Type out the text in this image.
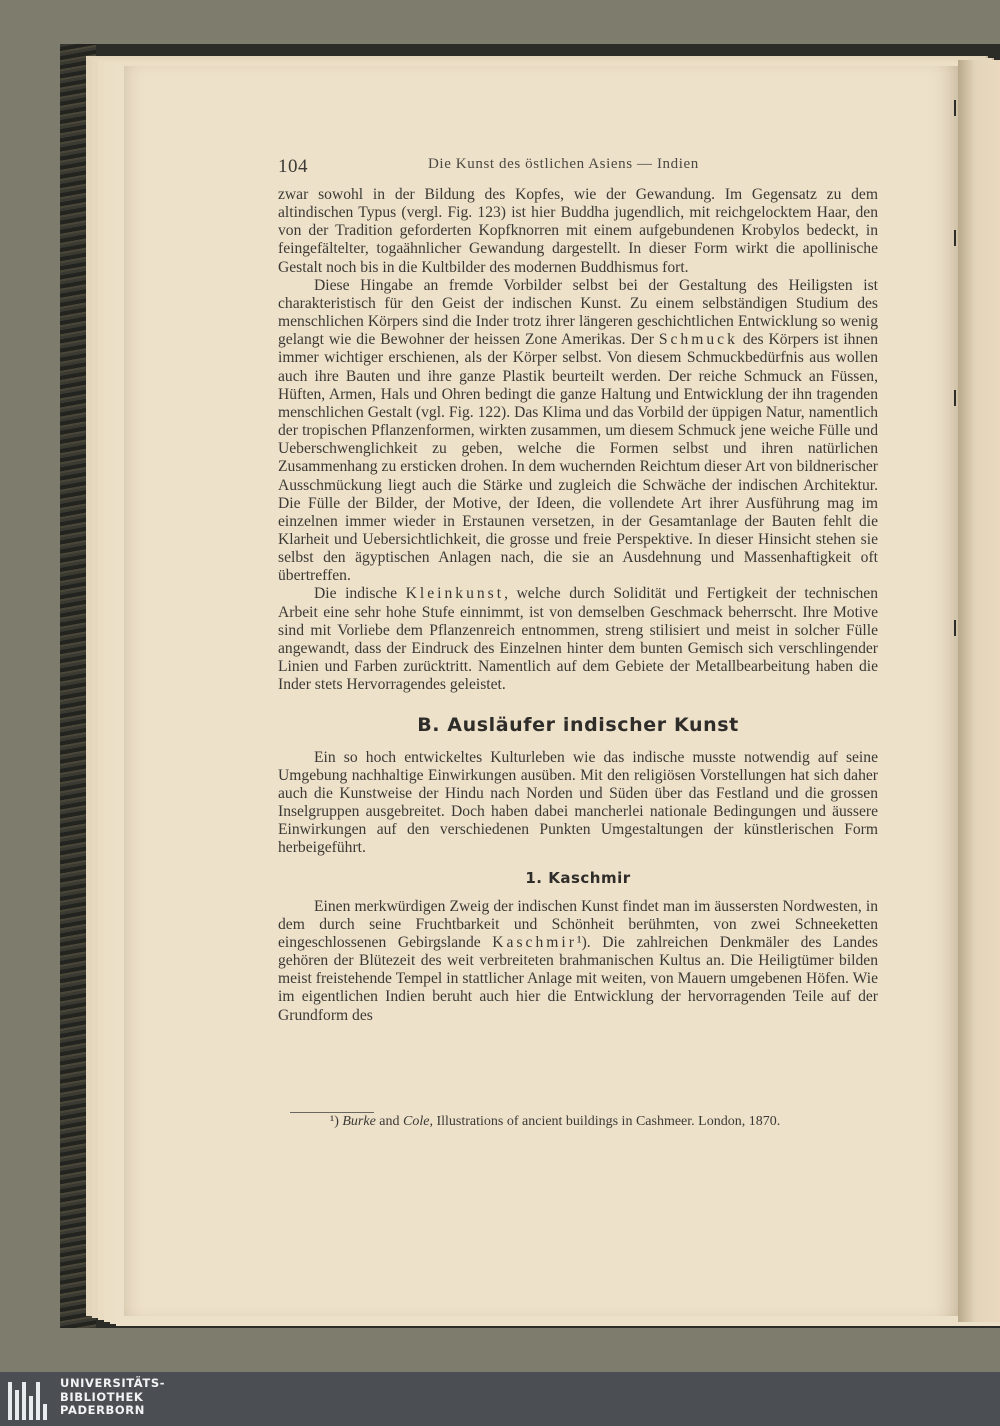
104	Die Kunst des östlichen Asiens — Indien

zwar sowohl in der Bildung des Kopfes, wie der Gewandung. Im Gegensatz zu dem altindischen Typus (vergl. Fig. 123) ist hier Buddha jugendlich, mit reichgelocktem Haar, den von der Tradition geforderten Kopfknorren mit einem aufgebundenen Krobylos bedeckt, in feingefältelter, togaähnlicher Gewandung dargestellt. In dieser Form wirkt die apollinische Gestalt noch bis in die Kultbilder des modernen Buddhismus fort.

Diese Hingabe an fremde Vorbilder selbst bei der Gestaltung des Heiligsten ist charakteristisch für den Geist der indischen Kunst. Zu einem selbständigen Studium des menschlichen Körpers sind die Inder trotz ihrer längeren geschichtlichen Entwicklung so wenig gelangt wie die Bewohner der heissen Zone Amerikas. Der Schmuck des Körpers ist ihnen immer wichtiger erschienen, als der Körper selbst. Von diesem Schmuckbedürfnis aus wollen auch ihre Bauten und ihre ganze Plastik beurteilt werden. Der reiche Schmuck an Füssen, Hüften, Armen, Hals und Ohren bedingt die ganze Haltung und Entwicklung der ihn tragenden menschlichen Gestalt (vgl. Fig. 122). Das Klima und das Vorbild der üppigen Natur, namentlich der tropischen Pflanzenformen, wirkten zusammen, um diesem Schmuck jene weiche Fülle und Ueberschwenglichkeit zu geben, welche die Formen selbst und ihren natürlichen Zusammenhang zu ersticken drohen. In dem wuchernden Reichtum dieser Art von bildnerischer Ausschmückung liegt auch die Stärke und zugleich die Schwäche der indischen Architektur. Die Fülle der Bilder, der Motive, der Ideen, die vollendete Art ihrer Ausführung mag im einzelnen immer wieder in Erstaunen versetzen, in der Gesamtanlage der Bauten fehlt die Klarheit und Uebersichtlichkeit, die grosse und freie Perspektive. In dieser Hinsicht stehen sie selbst den ägyptischen Anlagen nach, die sie an Ausdehnung und Massenhaftigkeit oft übertreffen.

Die indische Kleinkunst, welche durch Solidität und Fertigkeit der technischen Arbeit eine sehr hohe Stufe einnimmt, ist von demselben Geschmack beherrscht. Ihre Motive sind mit Vorliebe dem Pflanzenreich entnommen, streng stilisiert und meist in solcher Fülle angewandt, dass der Eindruck des Einzelnen hinter dem bunten Gemisch sich verschlingender Linien und Farben zurücktritt. Namentlich auf dem Gebiete der Metallbearbeitung haben die Inder stets Hervorragendes geleistet.

B. Ausläufer indischer Kunst

Ein so hoch entwickeltes Kulturleben wie das indische musste notwendig auf seine Umgebung nachhaltige Einwirkungen ausüben. Mit den religiösen Vorstellungen hat sich daher auch die Kunstweise der Hindu nach Norden und Süden über das Festland und die grossen Inselgruppen ausgebreitet. Doch haben dabei mancherlei nationale Bedingungen und äussere Einwirkungen auf den verschiedenen Punkten Umgestaltungen der künstlerischen Form herbeigeführt.

1. Kaschmir

Einen merkwürdigen Zweig der indischen Kunst findet man im äussersten Nordwesten, in dem durch seine Fruchtbarkeit und Schönheit berühmten, von zwei Schneeketten eingeschlossenen Gebirgslande Kaschmir¹). Die zahlreichen Denkmäler des Landes gehören der Blütezeit des weit verbreiteten brahmanischen Kultus an. Die Heiligtümer bilden meist freistehende Tempel in stattlicher Anlage mit weiten, von Mauern umgebenen Höfen. Wie im eigentlichen Indien beruht auch hier die Entwicklung der hervorragenden Teile auf der Grundform des

¹) Burke and Cole, Illustrations of ancient buildings in Cashmeer. London, 1870.
UNIVERSITÄTS-
BIBLIOTHEK
PADERBORN
